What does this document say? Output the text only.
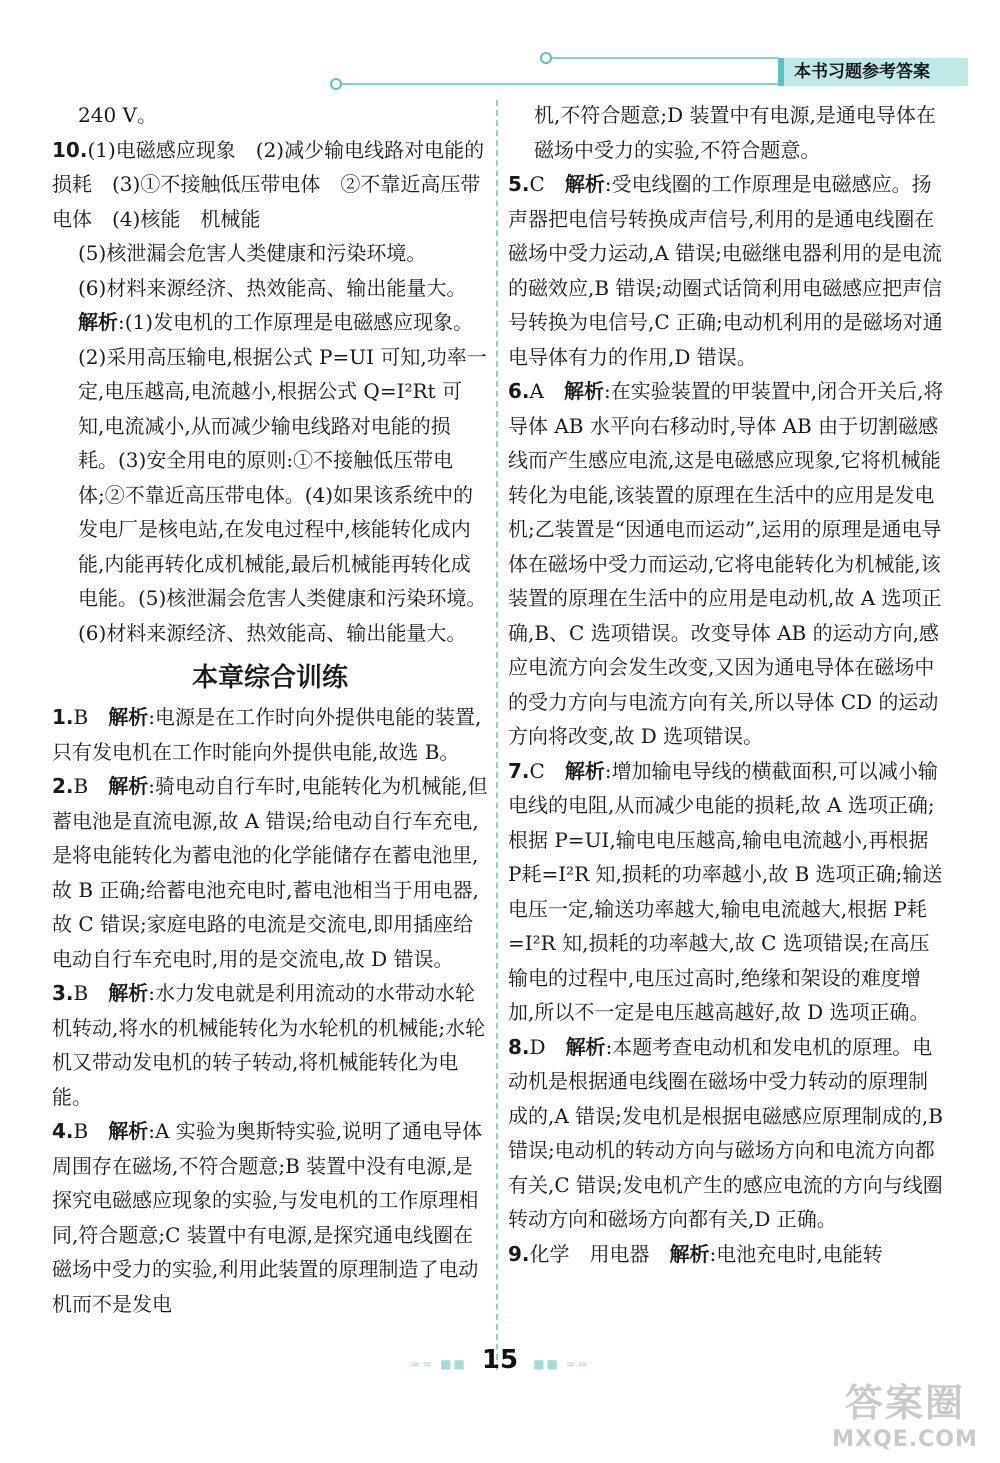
本书习题参考答案
240 V。
10.(1)电磁感应现象　(2)减少输电线路对电能的损耗　(3)①不接触低压带电体　②不靠近高压带电体　(4)核能　机械能
(5)核泄漏会危害人类健康和污染环境。
(6)材料来源经济、热效能高、输出能量大。
解析:(1)发电机的工作原理是电磁感应现象。(2)采用高压输电,根据公式 P=UI 可知,功率一定,电压越高,电流越小,根据公式 Q=I²Rt 可知,电流减小,从而减少输电线路对电能的损耗。(3)安全用电的原则:①不接触低压带电体;②不靠近高压带电体。(4)如果该系统中的发电厂是核电站,在发电过程中,核能转化成内能,内能再转化成机械能,最后机械能再转化成电能。(5)核泄漏会危害人类健康和污染环境。(6)材料来源经济、热效能高、输出能量大。
本章综合训练
1.B　 解析:电源是在工作时向外提供电能的装置,只有发电机在工作时能向外提供电能,故选 B。
2.B　 解析:骑电动自行车时,电能转化为机械能,但蓄电池是直流电源,故 A 错误;给电动自行车充电,是将电能转化为蓄电池的化学能储存在蓄电池里,故 B 正确;给蓄电池充电时,蓄电池相当于用电器,故 C 错误;家庭电路的电流是交流电,即用插座给电动自行车充电时,用的是交流电,故 D 错误。
3.B　 解析:水力发电就是利用流动的水带动水轮机转动,将水的机械能转化为水轮机的机械能;水轮机又带动发电机的转子转动,将机械能转化为电能。
4.B　 解析:A 实验为奥斯特实验,说明了通电导体周围存在磁场,不符合题意;B 装置中没有电源,是探究电磁感应现象的实验,与发电机的工作原理相同,符合题意;C 装置中有电源,是探究通电线圈在磁场中受力的实验,利用此装置的原理制造了电动机而不是发电
机,不符合题意;D 装置中有电源,是通电导体在磁场中受力的实验,不符合题意。
5.C　 解析:受电线圈的工作原理是电磁感应。扬声器把电信号转换成声信号,利用的是通电线圈在磁场中受力运动,A 错误;电磁继电器利用的是电流的磁效应,B 错误;动圈式话筒利用电磁感应把声信号转换为电信号,C 正确;电动机利用的是磁场对通电导体有力的作用,D 错误。
6.A　 解析:在实验装置的甲装置中,闭合开关后,将导体 AB 水平向右移动时,导体 AB 由于切割磁感线而产生感应电流,这是电磁感应现象,它将机械能转化为电能,该装置的原理在生活中的应用是发电机;乙装置是“因通电而运动”,运用的原理是通电导体在磁场中受力而运动,它将电能转化为机械能,该装置的原理在生活中的应用是电动机,故 A 选项正确,B、C 选项错误。改变导体 AB 的运动方向,感应电流方向会发生改变,又因为通电导体在磁场中的受力方向与电流方向有关,所以导体 CD 的运动方向将改变,故 D 选项错误。
7.C　 解析:增加输电导线的横截面积,可以减小输电线的电阻,从而减少电能的损耗,故 A 选项正确;根据 P=UI,输电电压越高,输电电流越小,再根据 P耗=I²R 知,损耗的功率越小,故 B 选项正确;输送电压一定,输送功率越大,输电电流越大,根据 P耗=I²R 知,损耗的功率越大,故 C 选项错误;在高压输电的过程中,电压过高时,绝缘和架设的难度增加,所以不一定是电压越高越好,故 D 选项正确。
8.D　 解析:本题考查电动机和发电机的原理。电动机是根据通电线圈在磁场中受力转动的原理制成的,A 错误;发电机是根据电磁感应原理制成的,B 错误;电动机的转动方向与磁场方向和电流方向都有关,C 错误;发电机产生的感应电流的方向与线圈转动方向和磁场方向都有关,D 正确。
9.化学　用电器　 解析:电池充电时,电能转
≈≈ ■■ 15 ■■ ≈≈
答案圈
MXQE.COM
